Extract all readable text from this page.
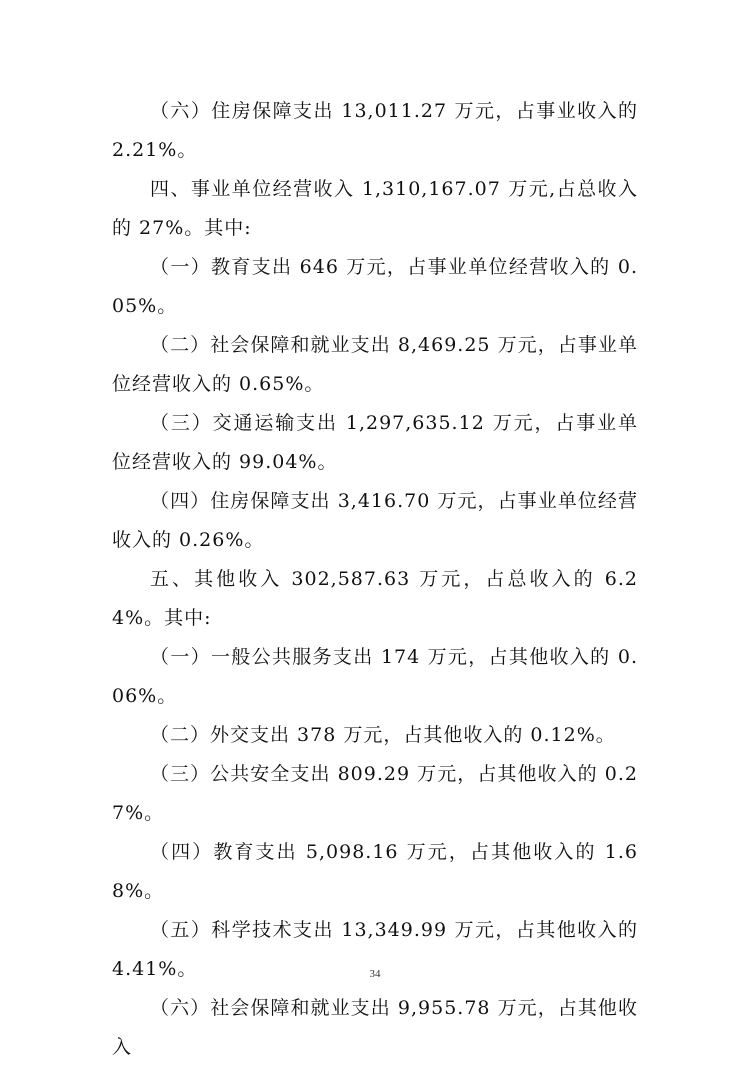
（六）住房保障支出 13,011.27 万元，占事业收入的 2.21%。

四、事业单位经营收入 1,310,167.07 万元,占总收入的 27%。其中:

（一）教育支出 646 万元，占事业单位经营收入的 0.05%。

（二）社会保障和就业支出 8,469.25 万元，占事业单位经营收入的 0.65%。

（三）交通运输支出 1,297,635.12 万元，占事业单位经营收入的 99.04%。

（四）住房保障支出 3,416.70 万元，占事业单位经营收入的 0.26%。

五、其他收入 302,587.63 万元，占总收入的 6.24%。其中:

（一）一般公共服务支出 174 万元，占其他收入的 0.06%。

（二）外交支出 378 万元，占其他收入的 0.12%。

（三）公共安全支出 809.29 万元，占其他收入的 0.27%。

（四）教育支出 5,098.16 万元，占其他收入的 1.68%。

（五）科学技术支出 13,349.99 万元，占其他收入的 4.41%。

（六）社会保障和就业支出 9,955.78 万元，占其他收入

34
